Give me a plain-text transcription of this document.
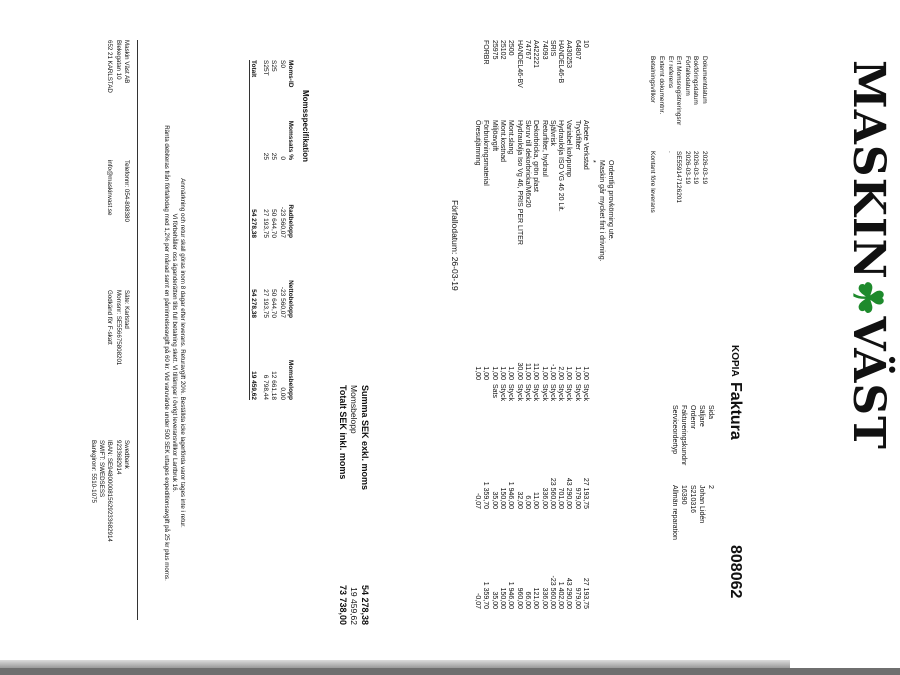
MASKIN☘VÄST
KOPIA
Faktura
808062
Sida
2
Säljare
Johan Lidén
Ordernr
S210316
Faktureringskundnr
16390
Serviceordertyp
Allmän reparation
Dokumentdatum
2026-03-19
Bokföringsdatum
2026-03-19
Förfallodatum
2026-03-19
Ert Momsregistreringsnr
SE559147126201
Er referens
.
Externt dokumentnr.
Betalningsvillkor
Kontant före leverans
Ordentlig provkörning ute.
Maskin går mycket fint i drivning.
*
10
Arbete Verkstad
1,00
Styck
27 193,75
27 193,75
64807
Tryckfilter
1,00
Styck
979,00
979,00
A430253
Variabel kolvpump
1,00
Styck
43 290,00
43 290,00
HANDEL46-B
Hydraulolja ISO VG 46 20 Lit.
2,00
Styck
701,00
1 402,00
SRIS
Självrisk
-1,00
Styck
23 560,00
-23 560,00
74093
Returfilter, hydraul
1,00
Styck
336,00
336,00
A422221
Dekorbricka, grön plast
11,00
Styck
11,00
121,00
74767
Skruv till dekorbricka/M6x20
11,00
Styck
6,00
66,00
HANDEL46-BV
Hydraulolja Iso Vg 46, PRIS PER LITER
30,00
Styck
32,00
960,00
2500
Mont.slang
1,00
Styck
1 946,00
1 946,00
25102
Mont.kostnad
1,00
Styck
150,00
150,00
25975
Miljöavgift
1,00
Sats
35,00
35,00
FORBR
Förbrukningsmaterial
1,00
1 359,70
1 359,70
Öresutjämning
1,00
-0,07
-0,07
Förfallodatum: 26-03-19
Summa SEK exkl. moms
54 278,38
Momsbelopp
19 459,62
Totalt SEK inkl. moms
73 738,00
Momsspecifikation
Moms-ID
Momssats %
Radbelopp
Nettobelopp
Momsbelopp
S0
0
-23 560,07
-23 560,07
0,00
S25
25
50 644,70
50 644,70
12 661,18
S25T
25
27 193,75
27 193,75
6 798,44
Totalt
54 278,38
54 278,38
19 459,62
Anmärkning och retur skall göras inom 8 dagar efter leverans. Returavgift 20%. Beställda icke lagerförda varor tages inte i retur.
Vi förbehåller oss äganderätten tills full betalning skett. Vi tillämpar i övrigt leveransvillkor Lantbruk 16.
Ränta debiteras från förfallodag med 1,2% per månad samt en påminnelseavgift på 60 kr. Vid varuvärde under 500 SEK uttages expeditionsavgift på 25 kr plus moms.
Maskin Väst AB
Blekegatan 10
652 21 KARLSTAD
Telefonnr: 054-808380
info@maskinvast.se
Säte: Karlstad
Momsnr: SE556675808201
Godkänd för F-skatt
Swedbank
9233682914
IBAN: SE9480000815629233682914
SWIFT: SWEDSESS
Bankgironr: 5510-1075
